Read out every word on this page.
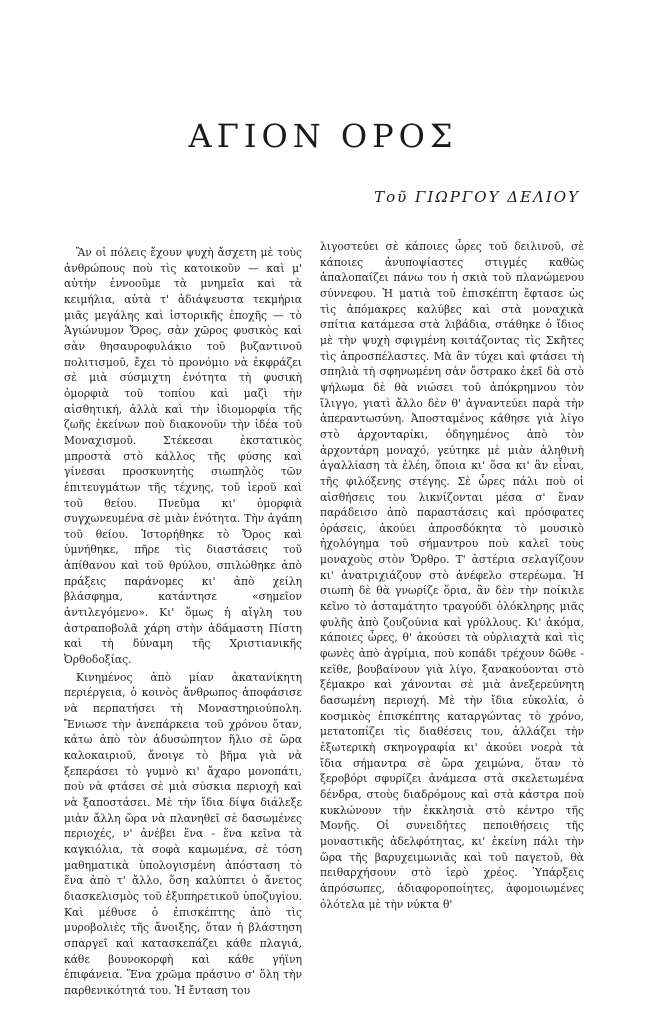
ΑΓΙΟΝ ΟΡΟΣ
Τοῦ ΓΙΩΡΓΟΥ ΔΕΛΙΟΥ

Ἂν οἱ πόλεις ἔχουν ψυχὴ ἄσχετη μὲ τοὺς ἀνθρώπους ποὺ τὶς κατοικοῦν — καὶ μ' αὐτὴν ἐννοοῦμε τὰ μνημεῖα καὶ τὰ κειμήλια, αὐτὰ τ' ἀδιάψευστα τεκμήρια μιᾶς μεγάλης καὶ ἱστορικῆς ἐποχῆς — τὸ Ἁγιώνυμον Ὄρος, σὰν χῶρος φυσικὸς καὶ σὰν θησαυροφυλάκιο τοῦ βυζαντινοῦ πολιτισμοῦ, ἔχει τὸ προνόμιο νὰ ἐκφράζει σὲ μιὰ σύσμιχτη ἑνότητα τὴ φυσικὴ ὁμορφιὰ τοῦ τοπίου καὶ μαζὶ τὴν αἰσθητική, ἀλλὰ καὶ τὴν ἰδιομορφία τῆς ζωῆς ἐκείνων ποὺ διακονοῦν τὴν ἰδέα τοῦ Μοναχισμοῦ. Στέκεσαι ἐκστατικὸς μπροστὰ στὸ κάλλος τῆς φύσης καὶ γίνεσαι προσκυνητὴς σιωπηλὸς τῶν ἐπιτευγμάτων τῆς τέχνης, τοῦ ἱεροῦ καὶ τοῦ θείου. Πνεῦμα κι' ὁμορφιὰ συγχωνευμένα σὲ μιὰν ἑνότητα. Τὴν ἀγάπη τοῦ θείου. Ἱστορήθηκε τὸ Ὄρος καὶ ὑμνήθηκε, πῆρε τὶς διαστάσεις τοῦ ἀπίθανου καὶ τοῦ θρύλου, σπιλώθηκε ἀπὸ πράξεις παράνομες κι' ἀπὸ χείλη βλάσφημα, κατάντησε «σημεῖον ἀντιλεγόμενο». Κι' ὅμως ἡ αἴγλη του ἀστραποβολᾶ χάρη στὴν ἀδάμαστη Πίστη καὶ τὴ δύναμη τῆς Χριστιανικῆς Ὀρθοδοξίας.

Κινημένος ἀπὸ μίαν ἀκατανίκητη περιέργεια, ὁ κοινὸς ἄνθρωπος ἀποφάσισε νὰ περπατήσει τὴ Μοναστηριούπολη. Ἔνιωσε τὴν ἀνεπάρκεια τοῦ χρόνου ὅταν, κάτω ἀπὸ τὸν ἀδυσώπητον ἥλιο σὲ ὥρα καλοκαιριοῦ, ἄνοιγε τὸ βῆμα γιὰ νὰ ξεπεράσει τὸ γυμνὸ κι' ἄχαρο μονοπάτι, ποὺ νὰ φτάσει σὲ μιὰ σύσκια περιοχὴ καὶ νὰ ξαποστάσει. Μὲ τὴν ἴδια δίψα διάλεξε μιὰν ἄλλη ὥρα νὰ πλανηθεῖ σὲ δασωμένες περιοχές, ν' ἀνέβει ἕνα - ἕνα κεῖνα τὰ καγκιόλια, τὰ σοφὰ καμωμένα, σὲ τόση μαθηματικὰ ὑπολογισμένη ἀπόσταση τὸ ἕνα ἀπὸ τ' ἄλλο, ὅση καλύπτει ὁ ἄνετος διασκελισμὸς τοῦ ἐξυπηρετικοῦ ὑποζυγίου. Καὶ μέθυσε ὁ ἐπισκέπτης ἀπὸ τὶς μυροβολιὲς τῆς ἄνοιξης, ὅταν ἡ βλάστηση σπαργεῖ καὶ κατασκεπάζει κάθε πλαγιά, κάθε βουνοκορφὴ καὶ κάθε γήϊνη ἐπιφάνεια. Ἕνα χρῶμα πράσινο σ' ὅλη τὴν παρθενικότητά του. Ἡ ἔνταση του

λιγοστεύει σὲ κάποιες ὧρες τοῦ δειλινοῦ, σὲ κάποιες ἀνυποψίαστες στιγμές καθὼς ἀπαλοπαίζει πάνω του ἡ σκιὰ τοῦ πλανώμενου σύννεφου. Ἡ ματιὰ τοῦ ἐπισκέπτη ἔφτασε ὡς τὶς ἀπόμακρες καλύβες καὶ στὰ μοναχικὰ σπίτια κατάμεσα στὰ λιβάδια, στάθηκε ὁ ἴδιος μὲ τὴν ψυχὴ σφιγμένη κοιτάζοντας τὶς Σκῆτες τὶς ἀπροσπέλαστες. Μὰ ἂν τύχει καὶ φτάσει τὴ σπηλιὰ τὴ σφηνωμένη σὰν ὄστρακο ἐκεῖ δὰ στὸ ψήλωμα δὲ θὰ νιώσει τοῦ ἀπόκρημνου τὸν ἴλιγγο, γιατὶ ἄλλο δὲν θ' ἀγναντεύει παρὰ τὴν ἀπεραντωσύνη. Ἀποσταμένος κάθησε γιὰ λίγο στὸ ἀρχονταρίκι, ὁδηγημένος ἀπὸ τὸν ἀρχοντάρη μοναχό, γεύτηκε μὲ μιὰν ἀληθινὴ ἀγαλλίαση τὰ ἐλέη, ὅποια κι' ὅσα κι' ἂν εἶναι, τῆς φιλόξενης στέγης. Σὲ ὧρες πάλι ποὺ οἱ αἰσθήσεις του λικνίζονται μέσα σ' ἕναν παράδεισο ἀπὸ παραστάσεις καὶ πρόσφατες ὁράσεις, ἀκούει ἀπροσδόκητα τὸ μουσικὸ ἠχολόγημα τοῦ σήμαντρου ποὺ καλεῖ τοὺς μοναχοὺς στὸν Ὄρθρο. Τ' ἀστέρια σελαγίζουν κι' ἀνατριχιάζουν στὸ ἀνέφελο στερέωμα. Ἡ σιωπὴ δὲ θὰ γνωρίζε ὅρια, ἂν δὲν τὴν ποίκιλε κεῖνο τὸ ἀσταμάτητο τραγούδι ὁλόκληρης μιᾶς φυλῆς ἀπὸ ζουζούνια καὶ γρύλλους. Κι' ἀκόμα, κάποιες ὧρες, θ' ἀκούσει τὰ οὐρλιαχτὰ καὶ τὶς φωνὲς ἀπὸ ἀγρίμια, ποὺ κοπάδι τρέχουν δῶθε - κεῖθε, βουβαίνουν γιὰ λίγο, ξανακούονται στὸ ξέμακρο καὶ χάνονται σὲ μιὰ ἀνεξερεύνητη δασωμένη περιοχή. Μὲ τὴν ἴδια εὐκολία, ὁ κοσμικὸς ἐπισκέπτης καταργώντας τὸ χρόνο, μετατοπίζει τὶς διαθέσεις του, ἀλλάζει τὴν ἐξωτερικὴ σκηνογραφία κι' ἀκούει νοερὰ τὰ ἴδια σήμαντρα σὲ ὥρα χειμώνα, ὅταν τὸ ξεροβόρι σφυρίζει ἀνάμεσα στὰ σκελετωμένα δένδρα, στοὺς διαδρόμους καὶ στὰ κάστρα ποὺ κυκλώνουν τὴν ἐκκλησιὰ στὸ κέντρο τῆς Μονῆς. Οἱ συνειδήτες πεποιθήσεις τῆς μοναστικῆς ἀδελφότητας, κι' ἐκείνη πάλι τὴν ὥρα τῆς βαρυχειμωνιᾶς καὶ τοῦ παγετοῦ, θὰ πειθαρχήσουν στὸ ἱερὸ χρέος. Ὑπάρξεις ἀπρόσωπες, ἀδιαφοροποίητες, ἀφομοιωμένες ὁλότελα μὲ τὴν νύκτα θ'
